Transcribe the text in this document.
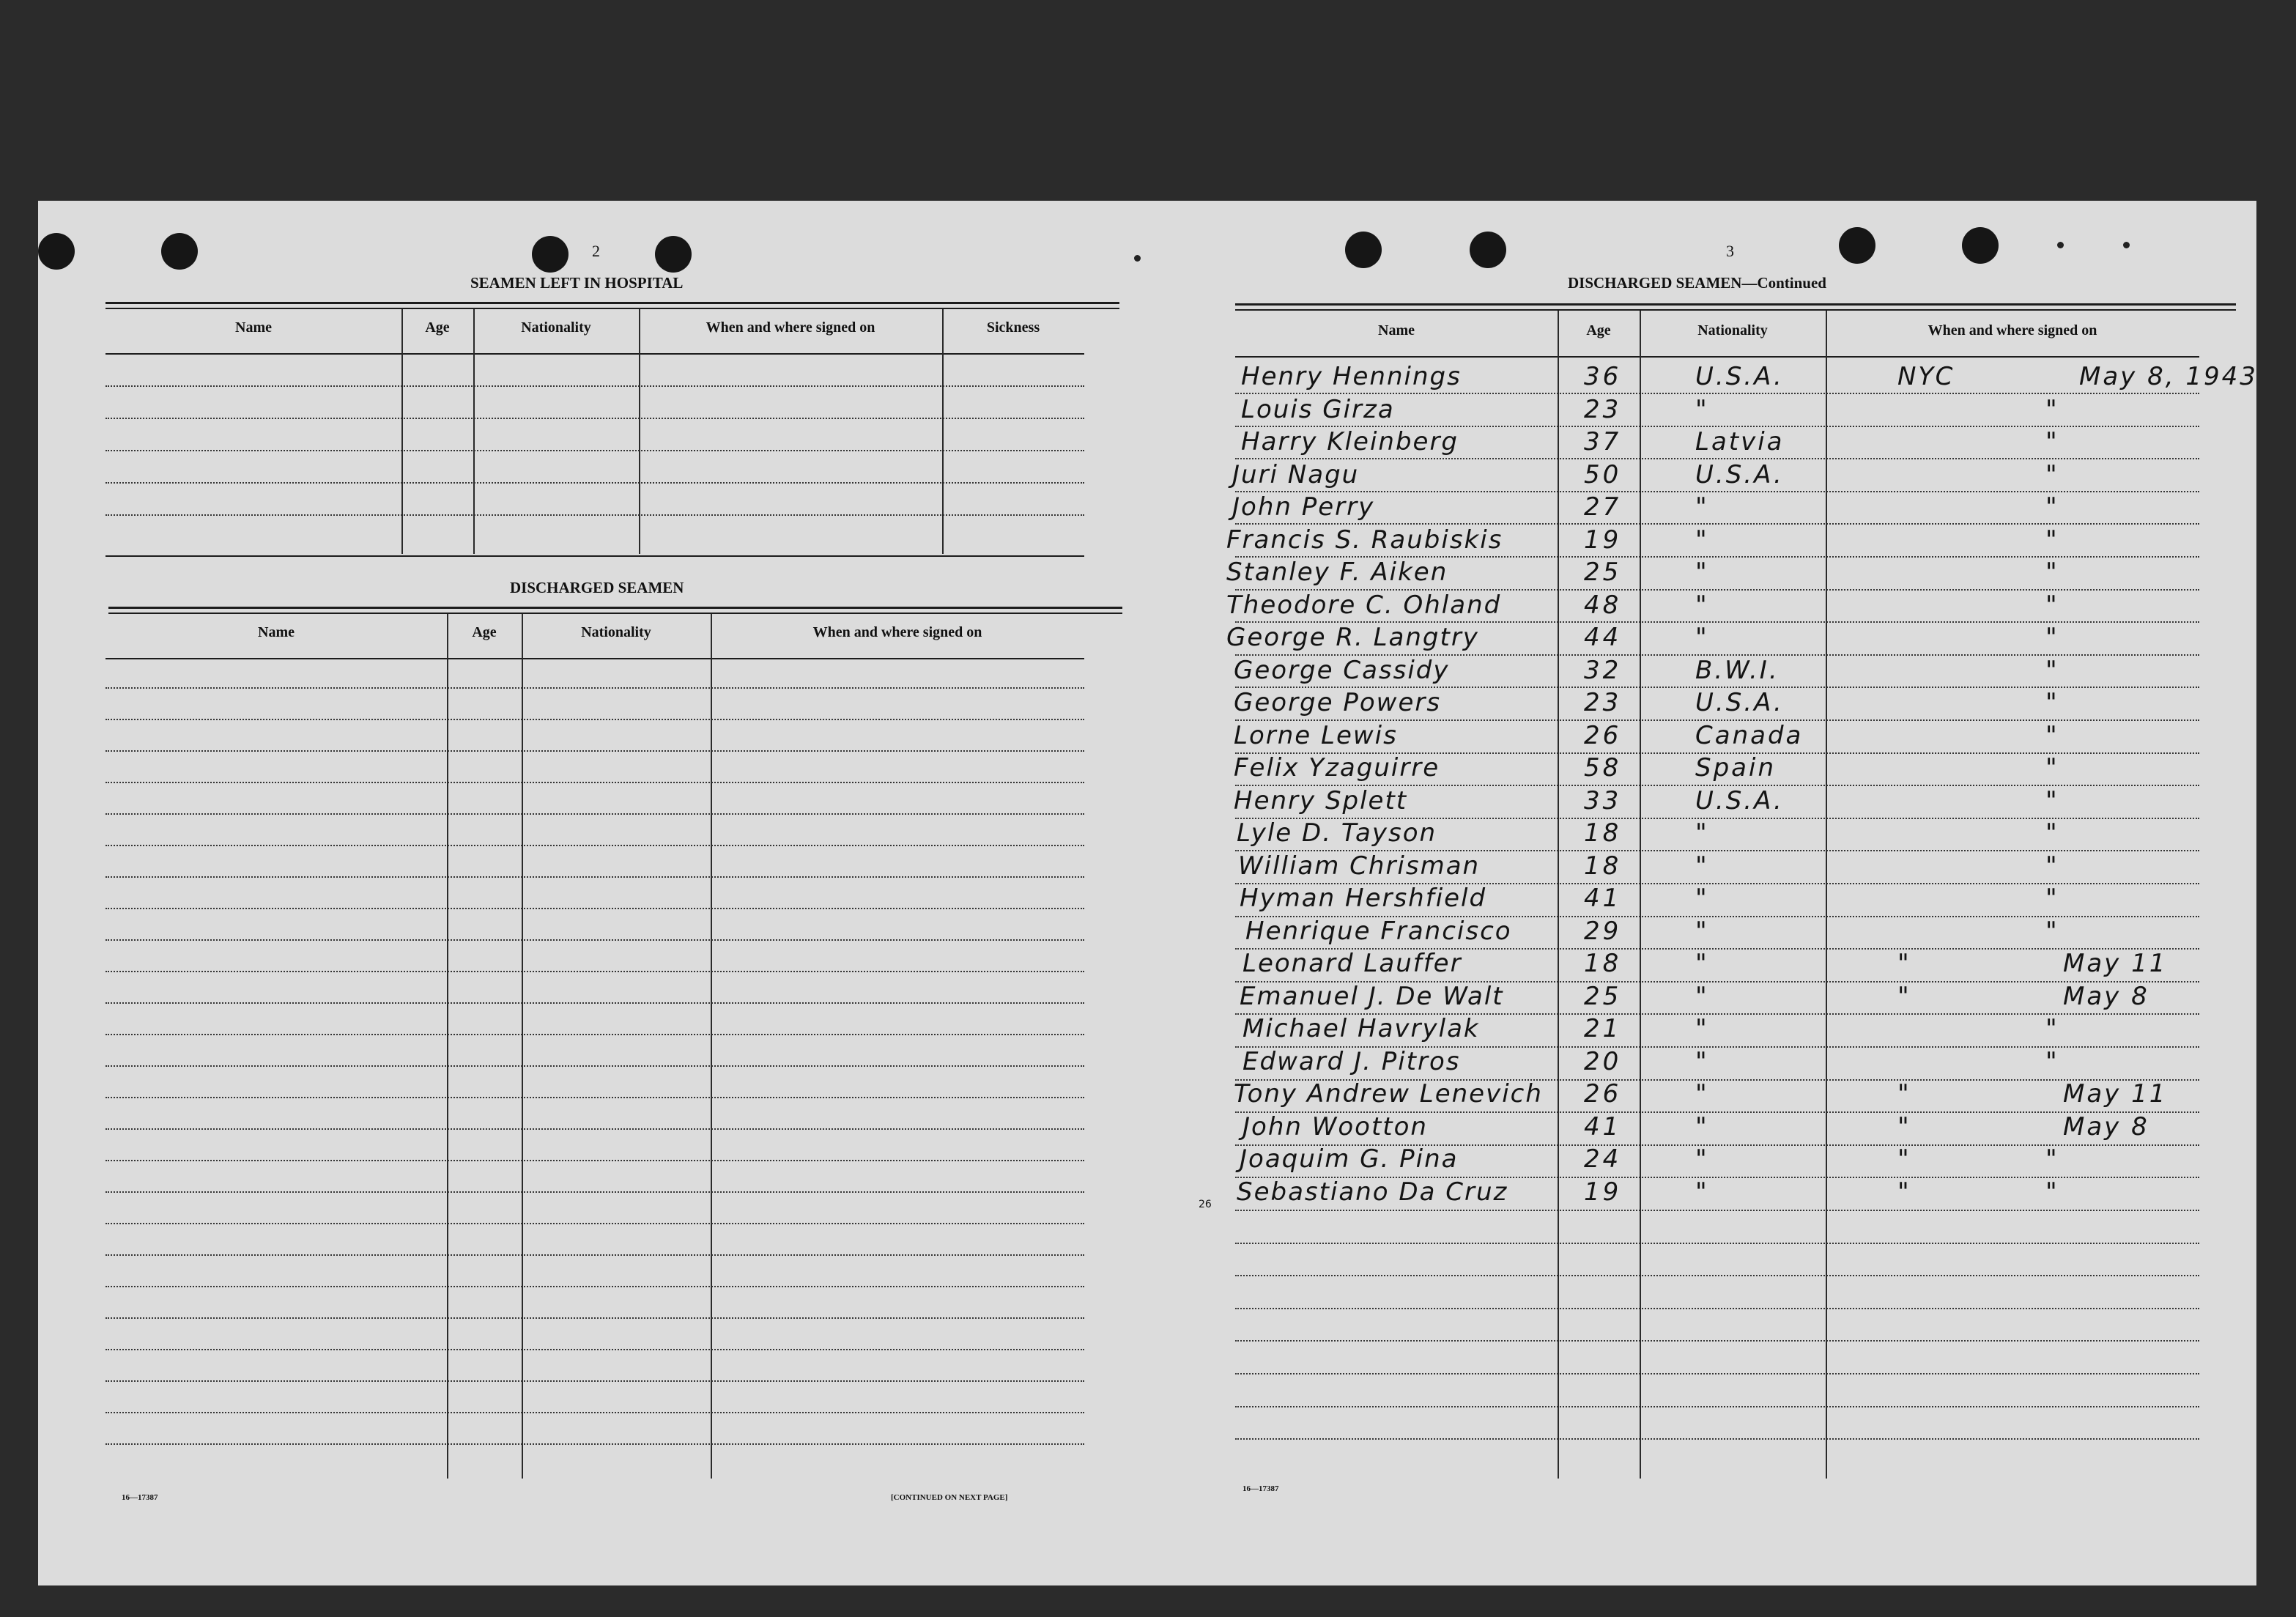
2
SEAMEN LEFT IN HOSPITAL
Name	Age	Nationality	When and where signed on	Sickness
DISCHARGED SEAMEN
Name	Age	Nationality	When and where signed on
16—17387	[CONTINUED ON NEXT PAGE]
3
DISCHARGED SEAMEN—Continued
Name	Age	Nationality	When and where signed on
Henry Hennings	36	U.S.A.	NYC	May 8, 1943
Louis Girza	23	"	"
Harry Kleinberg	37	Latvia	"
Juri Nagu	50	U.S.A.	"
John Perry	27	"	"
Francis S. Raubiskis	19	"	"
Stanley F. Aiken	25	"	"
Theodore C. Ohland	48	"	"
George R. Langtry	44	"	"
George Cassidy	32	B.W.I.	"
George Powers	23	U.S.A.	"
Lorne Lewis	26	Canada	"
Felix Yzaguirre	58	Spain	"
Henry Splett	33	U.S.A.	"
Lyle D. Tayson	18	"	"
William Chrisman	18	"	"
Hyman Hershfield	41	"	"
Henrique Francisco	29	"	"
Leonard Lauffer	18	"	"	May 11
Emanuel J. De Walt	25	"	"	May 8
Michael Havrylak	21	"	"
Edward J. Pitros	20	"	"
Tony Andrew Lenevich 26	"	"	May 11
John Wootton	41	"	"	May 8
Joaquim G. Pina	24	"	"	"
Sebastiano Da Cruz	19	"	"	"
26
16—17387
